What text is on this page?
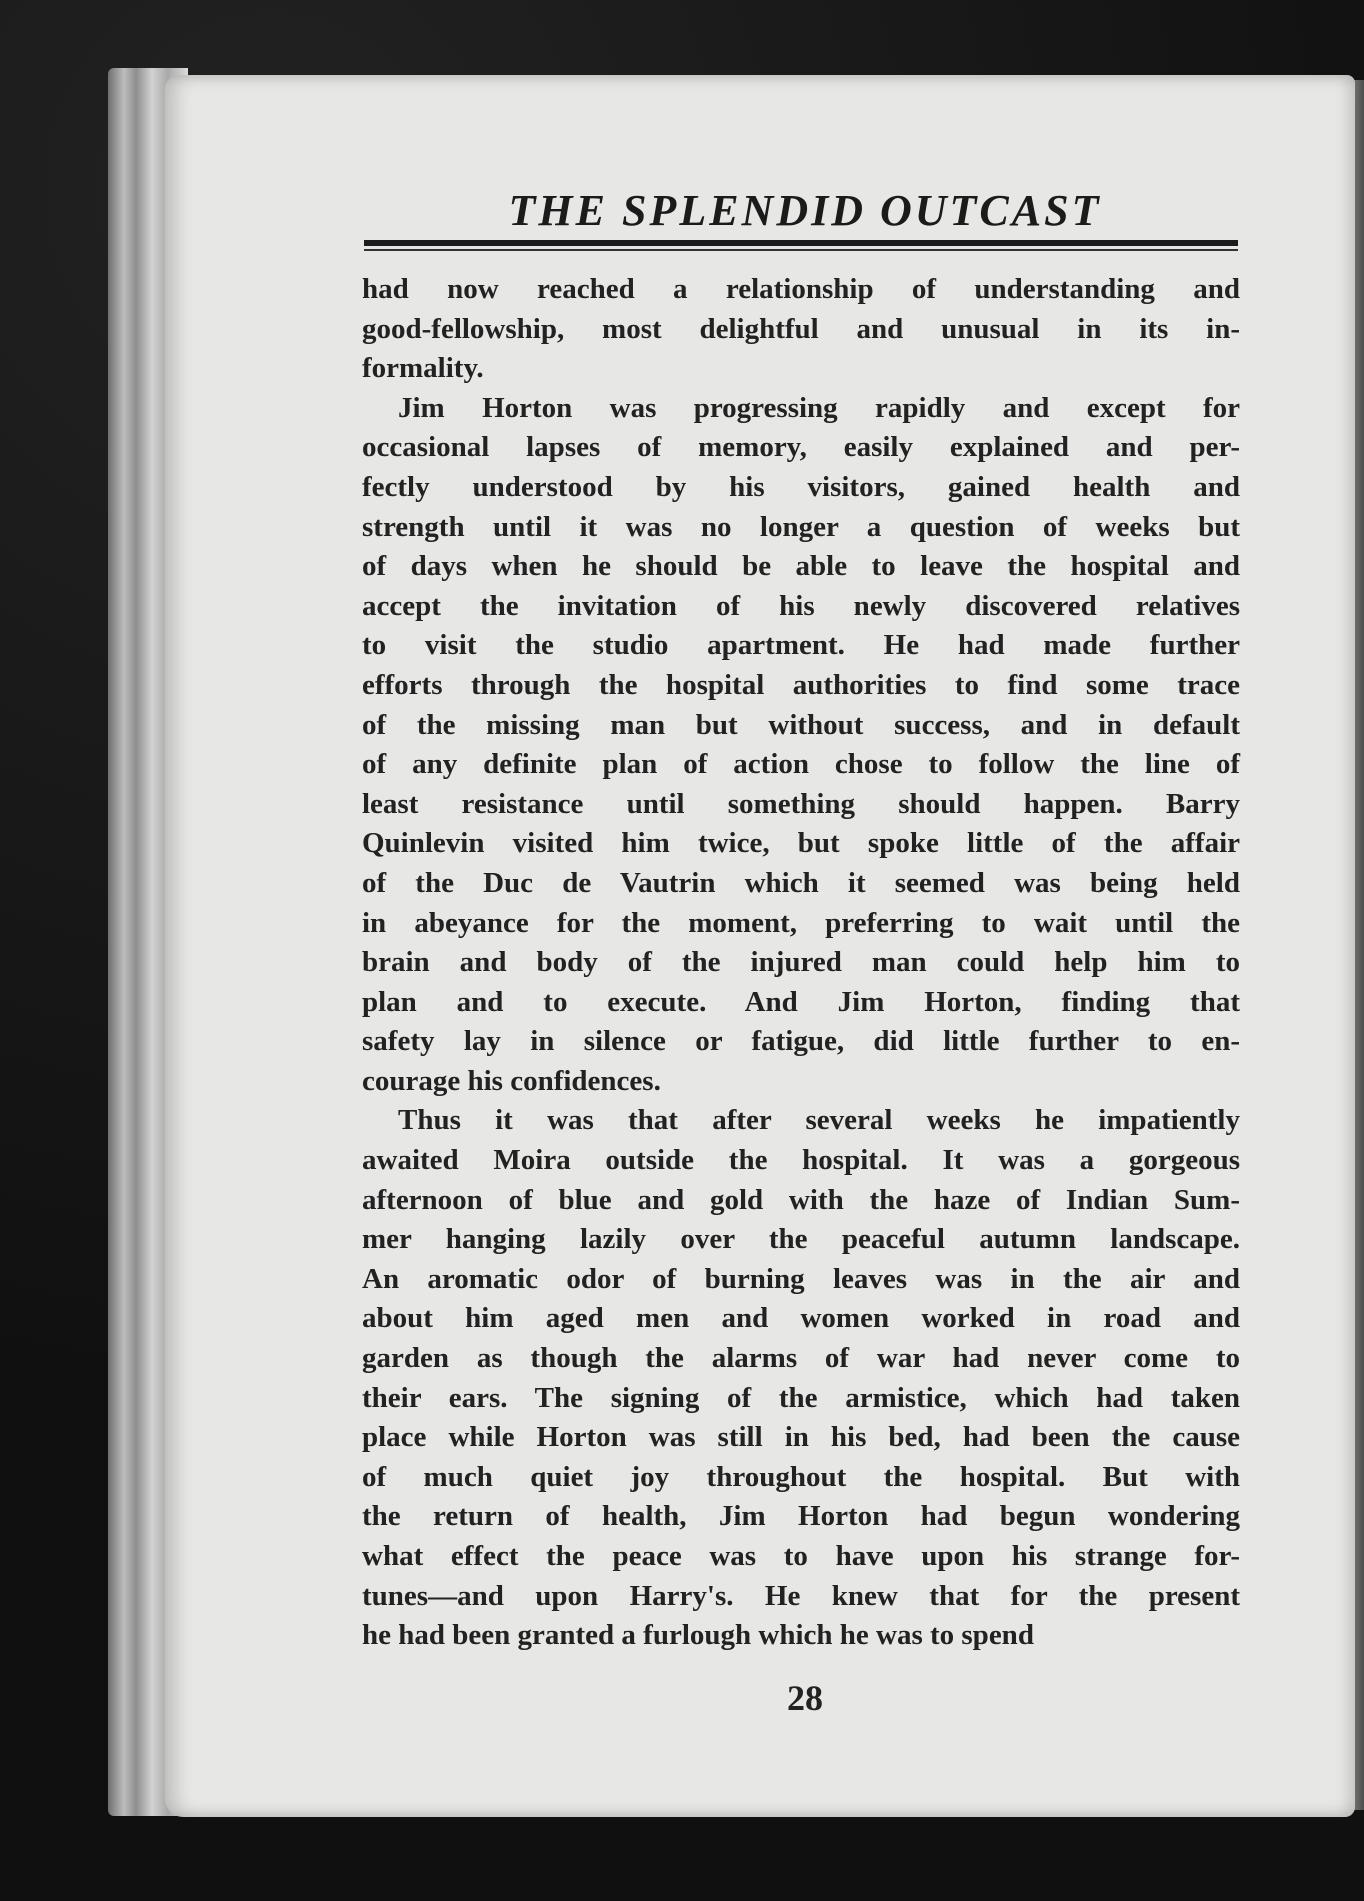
THE SPLENDID OUTCAST
had now reached a relationship of understanding and
good-fellowship, most delightful and unusual in its in-
formality.
Jim Horton was progressing rapidly and except for
occasional lapses of memory, easily explained and per-
fectly understood by his visitors, gained health and
strength until it was no longer a question of weeks but
of days when he should be able to leave the hospital and
accept the invitation of his newly discovered relatives
to visit the studio apartment. He had made further
efforts through the hospital authorities to find some trace
of the missing man but without success, and in default
of any definite plan of action chose to follow the line of
least resistance until something should happen. Barry
Quinlevin visited him twice, but spoke little of the affair
of the Duc de Vautrin which it seemed was being held
in abeyance for the moment, preferring to wait until the
brain and body of the injured man could help him to
plan and to execute. And Jim Horton, finding that
safety lay in silence or fatigue, did little further to en-
courage his confidences.
Thus it was that after several weeks he impatiently
awaited Moira outside the hospital. It was a gorgeous
afternoon of blue and gold with the haze of Indian Sum-
mer hanging lazily over the peaceful autumn landscape.
An aromatic odor of burning leaves was in the air and
about him aged men and women worked in road and
garden as though the alarms of war had never come to
their ears. The signing of the armistice, which had taken
place while Horton was still in his bed, had been the cause
of much quiet joy throughout the hospital. But with
the return of health, Jim Horton had begun wondering
what effect the peace was to have upon his strange for-
tunes—and upon Harry's. He knew that for the present
he had been granted a furlough which he was to spend
28
